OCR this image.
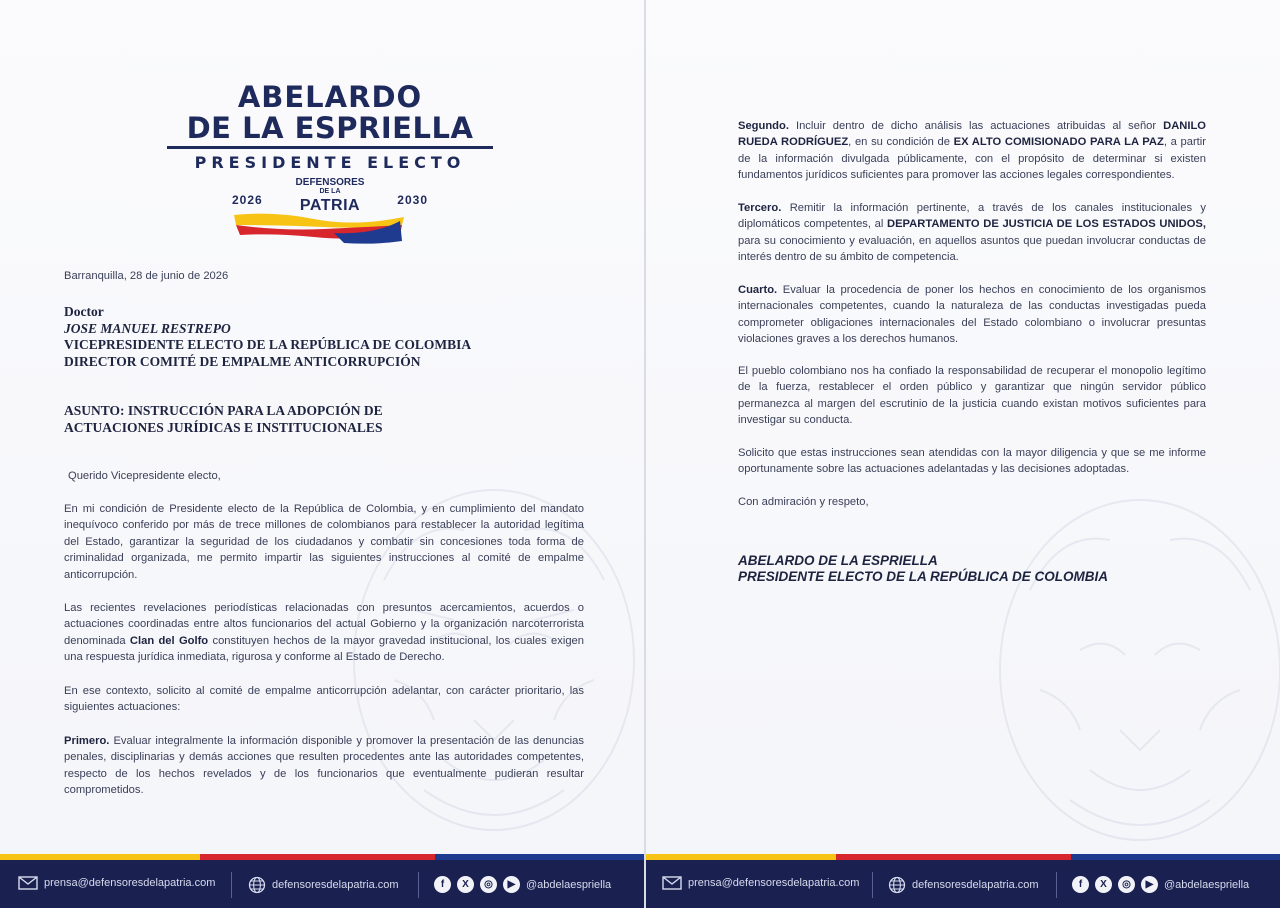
ABELARDO
DE LA ESPRIELLA
PRESIDENTE ELECTO
2026	2030
DEFENSORES
DE LA
PATRIA
Barranquilla, 28 de junio de 2026
Doctor
JOSE MANUEL RESTREPO
VICEPRESIDENTE ELECTO DE LA REPÚBLICA DE COLOMBIA
DIRECTOR COMITÉ DE EMPALME ANTICORRUPCIÓN
ASUNTO: INSTRUCCIÓN PARA LA ADOPCIÓN DE
ACTUACIONES JURÍDICAS E INSTITUCIONALES
Querido Vicepresidente electo,
En mi condición de Presidente electo de la República de Colombia, y en cumplimiento del mandato inequívoco conferido por más de trece millones de colombianos para restablecer la autoridad legítima del Estado, garantizar la seguridad de los ciudadanos y combatir sin concesiones toda forma de criminalidad organizada, me permito impartir las siguientes instrucciones al comité de empalme anticorrupción.
Las recientes revelaciones periodísticas relacionadas con presuntos acercamientos, acuerdos o actuaciones coordinadas entre altos funcionarios del actual Gobierno y la organización narcoterrorista denominada Clan del Golfo constituyen hechos de la mayor gravedad institucional, los cuales exigen una respuesta jurídica inmediata, rigurosa y conforme al Estado de Derecho.
En ese contexto, solicito al comité de empalme anticorrupción adelantar, con carácter prioritario, las siguientes actuaciones:
Primero. Evaluar integralmente la información disponible y promover la presentación de las denuncias penales, disciplinarias y demás acciones que resulten procedentes ante las autoridades competentes, respecto de los hechos revelados y de los funcionarios que eventualmente pudieran resultar comprometidos.
prensa@defensoresdelapatria.com	defensoresdelapatria.com	f	X	◎	▶ @abdelaespriella	prensa@defensoresdelapatria.com	defensoresdelapatria.com	f	X	◎	▶ @abdelaespriella
Segundo. Incluir dentro de dicho análisis las actuaciones atribuidas al señor DANILO RUEDA RODRÍGUEZ, en su condición de EX ALTO COMISIONADO PARA LA PAZ, a partir de la información divulgada públicamente, con el propósito de determinar si existen fundamentos jurídicos suficientes para promover las acciones legales correspondientes.
Tercero. Remitir la información pertinente, a través de los canales institucionales y diplomáticos competentes, al DEPARTAMENTO DE JUSTICIA DE LOS ESTADOS UNIDOS, para su conocimiento y evaluación, en aquellos asuntos que puedan involucrar conductas de interés dentro de su ámbito de competencia.
Cuarto. Evaluar la procedencia de poner los hechos en conocimiento de los organismos internacionales competentes, cuando la naturaleza de las conductas investigadas pueda comprometer obligaciones internacionales del Estado colombiano o involucrar presuntas violaciones graves a los derechos humanos.
El pueblo colombiano nos ha confiado la responsabilidad de recuperar el monopolio legítimo de la fuerza, restablecer el orden público y garantizar que ningún servidor público permanezca al margen del escrutinio de la justicia cuando existan motivos suficientes para investigar su conducta.
Solicito que estas instrucciones sean atendidas con la mayor diligencia y que se me informe oportunamente sobre las actuaciones adelantadas y las decisiones adoptadas.
Con admiración y respeto,
ABELARDO DE LA ESPRIELLA
PRESIDENTE ELECTO DE LA REPÚBLICA DE COLOMBIA
